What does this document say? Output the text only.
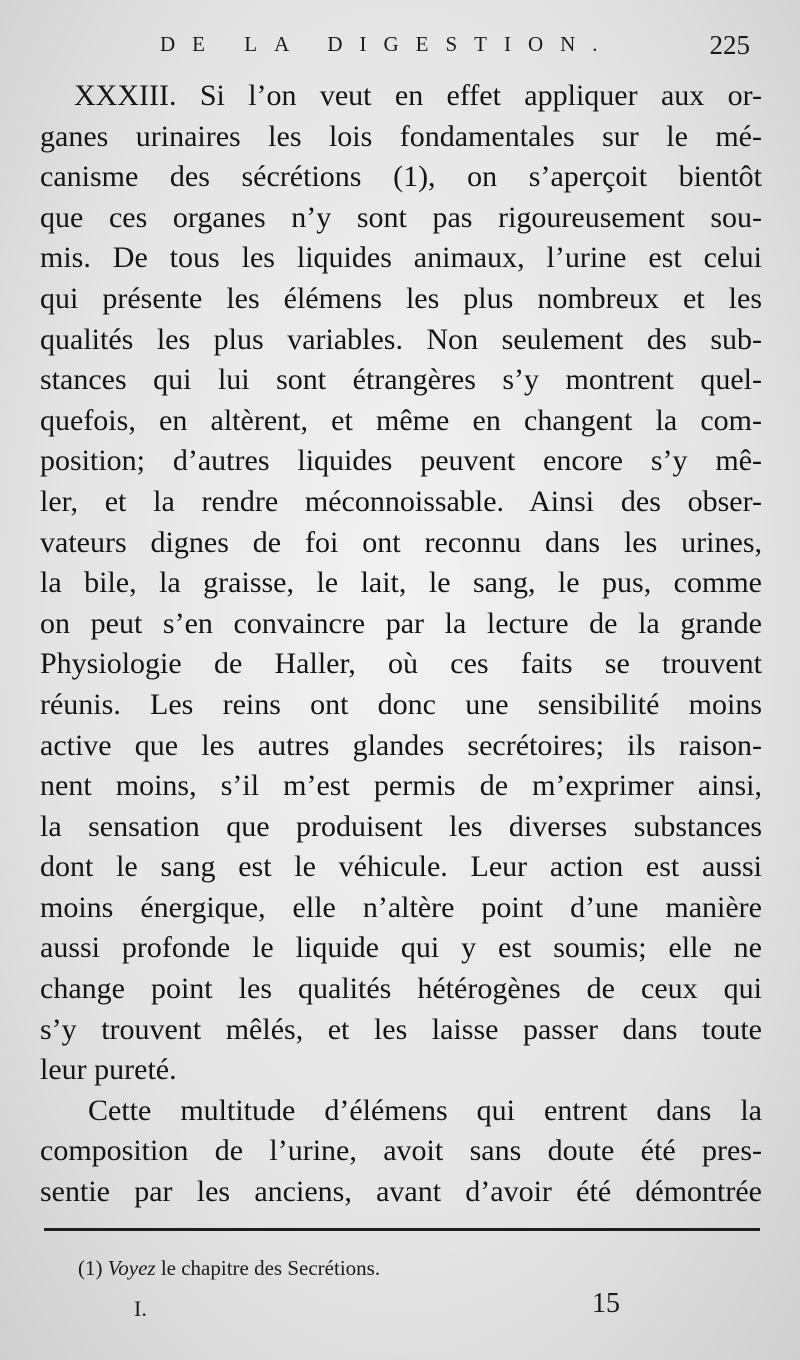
DE LA DIGESTION.	225
XXXIII. Si l’on veut en effet appliquer aux or-
ganes urinaires les lois fondamentales sur le mé-
canisme des sécrétions (1), on s’aperçoit bientôt
que ces organes n’y sont pas rigoureusement sou-
mis. De tous les liquides animaux, l’urine est celui
qui présente les élémens les plus nombreux et les
qualités les plus variables. Non seulement des sub-
stances qui lui sont étrangères s’y montrent quel-
quefois, en altèrent, et même en changent la com-
position; d’autres liquides peuvent encore s’y mê-
ler, et la rendre méconnoissable. Ainsi des obser-
vateurs dignes de foi ont reconnu dans les urines,
la bile, la graisse, le lait, le sang, le pus, comme
on peut s’en convaincre par la lecture de la grande
Physiologie de Haller, où ces faits se trouvent
réunis. Les reins ont donc une sensibilité moins
active que les autres glandes secrétoires; ils raison-
nent moins, s’il m’est permis de m’exprimer ainsi,
la sensation que produisent les diverses substances
dont le sang est le véhicule. Leur action est aussi
moins énergique, elle n’altère point d’une manière
aussi profonde le liquide qui y est soumis; elle ne
change point les qualités hétérogènes de ceux qui
s’y trouvent mêlés, et les laisse passer dans toute
leur pureté.
Cette multitude d’élémens qui entrent dans la
composition de l’urine, avoit sans doute été pres-
sentie par les anciens, avant d’avoir été démontrée
(1) Voyez le chapitre des Secrétions.
I.	15
